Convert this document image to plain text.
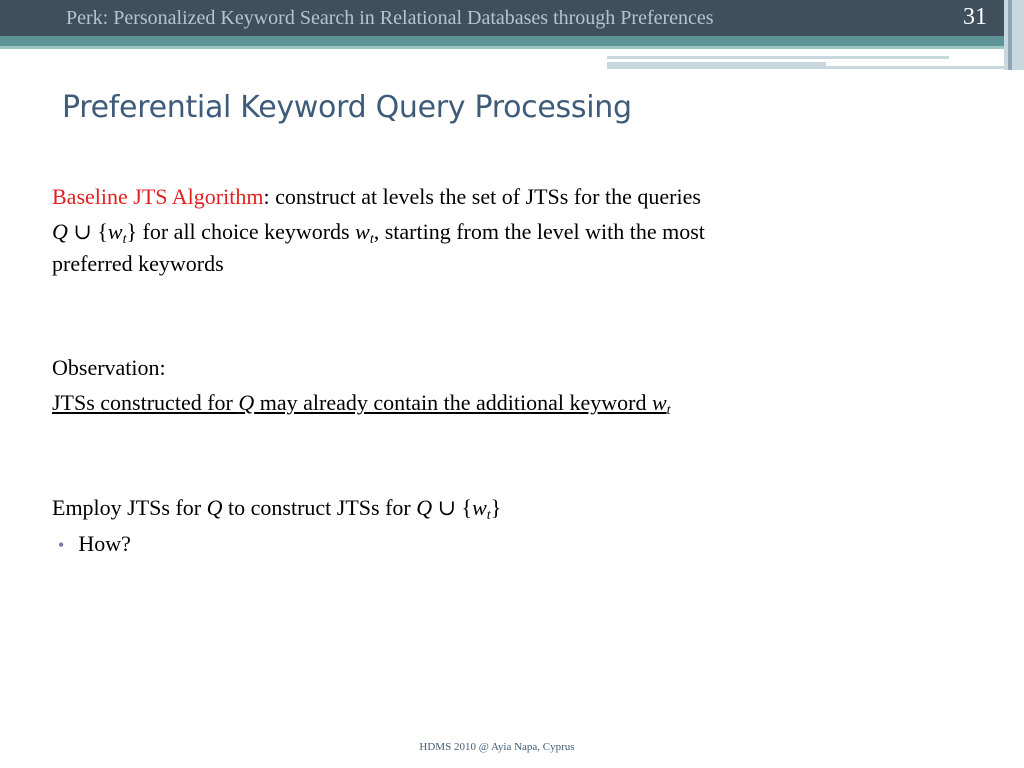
Perk: Personalized Keyword Search in Relational Databases through Preferences	31
Preferential Keyword Query Processing
Baseline JTS Algorithm: construct at levels the set of JTSs for the queries
Q ∪ $\{w_t\}$ for all choice keywords $w_t$, starting from the level with the most
preferred keywords
Observation:
JTSs constructed for Q may already contain the additional keyword $w_t$
Employ JTSs for Q to construct JTSs for Q ∪ $\{w_t\}$
• How?
HDMS 2010 @ Ayia Napa, Cyprus
